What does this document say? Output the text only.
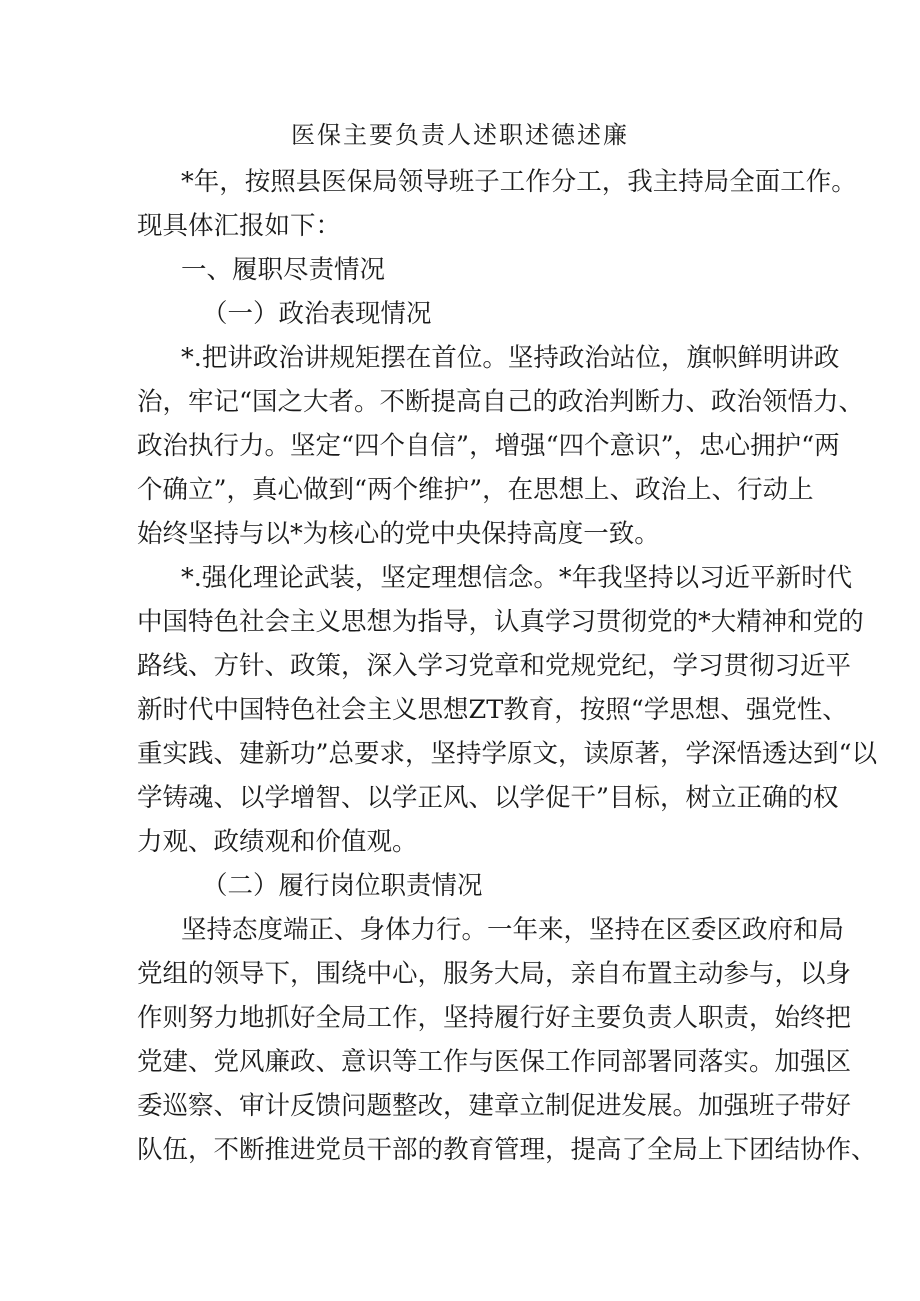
医保主要负责人述职述德述廉
*年，按照县医保局领导班子工作分工，我主持局全面工作。
现具体汇报如下：
一、履职尽责情况
（一）政治表现情况
*.把讲政治讲规矩摆在首位。坚持政治站位，旗帜鲜明讲政
治，牢记“国之大者。不断提高自己的政治判断力、政治领悟力、
政治执行力。坚定“四个自信”，增强“四个意识”，忠心拥护“两
个确立”，真心做到“两个维护”，在思想上、政治上、行动上
始终坚持与以*为核心的党中央保持高度一致。
*.强化理论武装，坚定理想信念。*年我坚持以习近平新时代
中国特色社会主义思想为指导，认真学习贯彻党的*大精神和党的
路线、方针、政策，深入学习党章和党规党纪，学习贯彻习近平
新时代中国特色社会主义思想ZT教育，按照“学思想、强党性、
重实践、建新功”总要求，坚持学原文，读原著，学深悟透达到“以
学铸魂、以学增智、以学正风、以学促干”目标，树立正确的权
力观、政绩观和价值观。
（二）履行岗位职责情况
坚持态度端正、身体力行。一年来，坚持在区委区政府和局
党组的领导下，围绕中心，服务大局，亲自布置主动参与，以身
作则努力地抓好全局工作，坚持履行好主要负责人职责，始终把
党建、党风廉政、意识等工作与医保工作同部署同落实。加强区
委巡察、审计反馈问题整改，建章立制促进发展。加强班子带好
队伍，不断推进党员干部的教育管理，提高了全局上下团结协作、
